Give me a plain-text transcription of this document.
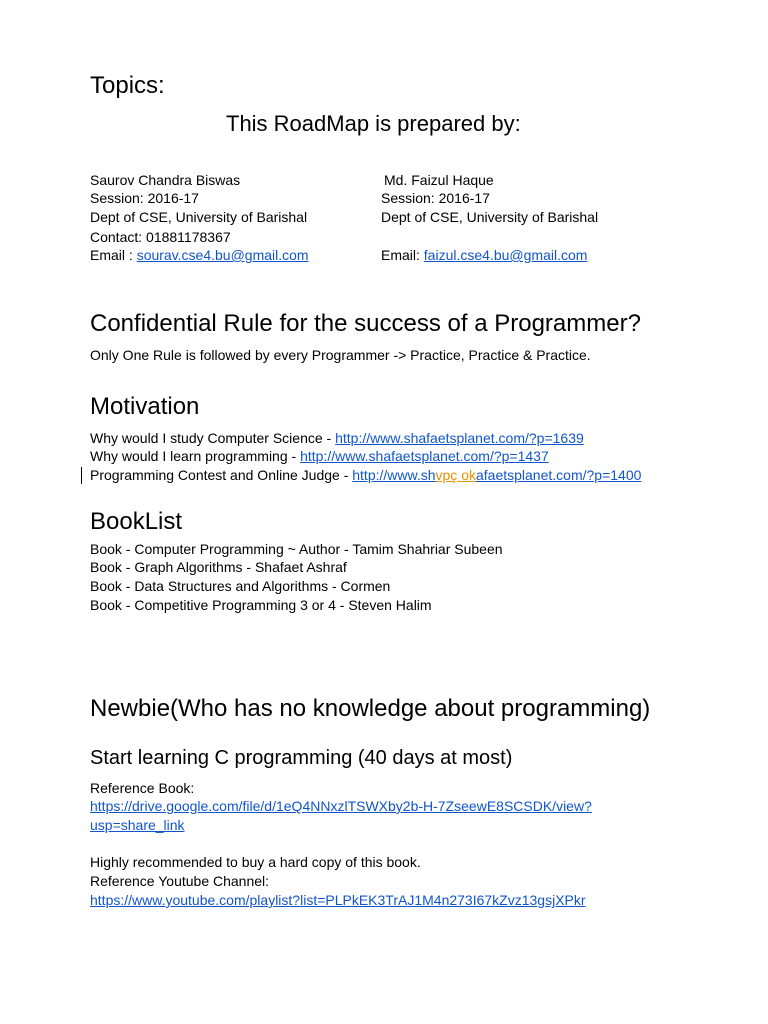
Topics:
This RoadMap is prepared by:
Saurov Chandra Biswas
Session: 2016-17
Dept of CSE, University of Barishal
Contact: 01881178367
Email : sourav.cse4.bu@gmail.com
Md. Faizul Haque
Session: 2016-17
Dept of CSE, University of Barishal
Email: faizul.cse4.bu@gmail.com
Confidential Rule for the success of a Programmer?
Only One Rule is followed by every Programmer -> Practice, Practice & Practice.
Motivation
Why would I study Computer Science - http://www.shafaetsplanet.com/?p=1639
Why would I learn programming - http://www.shafaetsplanet.com/?p=1437
Programming Contest and Online Judge - http://www.shvpç okafaetsplanet.com/?p=1400
BookList
Book - Computer Programming ~ Author - Tamim Shahriar Subeen
Book - Graph Algorithms - Shafaet Ashraf
Book - Data Structures and Algorithms - Cormen
Book - Competitive Programming 3 or 4 - Steven Halim
Newbie(Who has no knowledge about programming)
Start learning C programming (40 days at most)
Reference Book:
https://drive.google.com/file/d/1eQ4NNxzlTSWXby2b-H-7ZseewE8SCSDK/view?
usp=share_link
Highly recommended to buy a hard copy of this book.
Reference Youtube Channel:
https://www.youtube.com/playlist?list=PLPkEK3TrAJ1M4n273I67kZvz13gsjXPkr
